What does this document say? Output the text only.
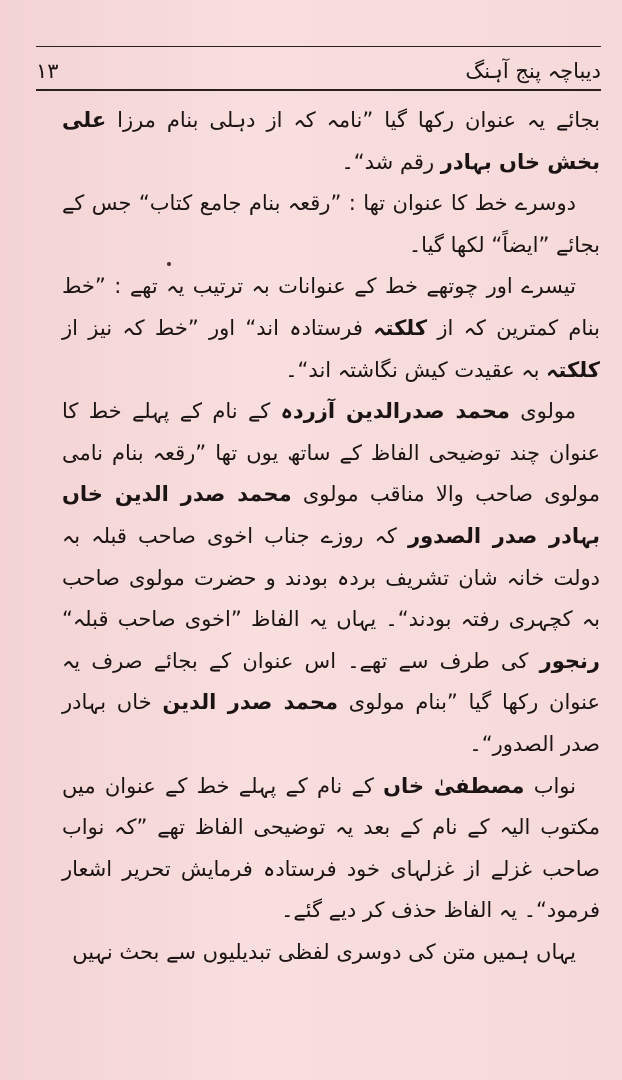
۱۳	دیباچہ پنج آہنگ

بجائے یہ عنوان رکھا گیا ”نامہ کہ از دہلی بنام مرزا علی بخش خاں بہادر رقم شد“۔

دوسرے خط کا عنوان تھا : ”رقعہ بنام جامع کتاب“ جس کے بجائے ”ایضاً“ لکھا گیا۔

تیسرے اور چوتھے خط کے عنوانات بہ ترتیب یہ تھے : ”خط بنام کمترین کہ از کلکتہ فرستادہ اند“ اور ”خط کہ نیز از کلکتہ بہ عقیدت کیش نگاشتہ اند“۔

مولوی محمد صدرالدین آزردہ کے نام کے پہلے خط کا عنوان چند توضیحی الفاظ کے ساتھ یوں تھا ”رقعہ بنام نامی مولوی صاحب والا مناقب مولوی محمد صدر الدین خاں بہادر صدر الصدور کہ روزے جناب اخوی صاحب قبلہ بہ دولت خانہ شان تشریف بردہ بودند و حضرت مولوی صاحب بہ کچہری رفتہ بودند“۔ یہاں یہ الفاظ ”اخوی صاحب قبلہ“ رنجور کی طرف سے تھے۔ اس عنوان کے بجائے صرف یہ عنوان رکھا گیا ”بنام مولوی محمد صدر الدین خاں بہادر صدر الصدور“۔

نواب مصطفیٰ خاں کے نام کے پہلے خط کے عنوان میں مکتوب الیہ کے نام کے بعد یہ توضیحی الفاظ تھے ”کہ نواب صاحب غزلے از غزلہای خود فرستادہ فرمایش تحریر اشعار فرمود“۔ یہ الفاظ حذف کر دیے گئے۔

یہاں ہمیں متن کی دوسری لفظی تبدیلیوں سے بحث نہیں
